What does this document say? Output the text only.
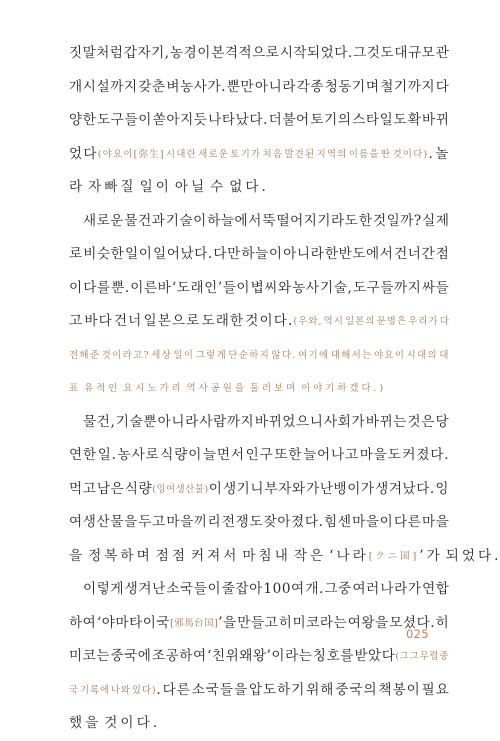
짓 말 처 럼 갑 자 기 , 농 경 이 본 격 적 으 로 시 작 되 었 다 . 그 것 도 대 규 모 관
개 시 설 까 지 갖 춘 벼 농 사 가 . 뿐 만 아 니 라 각 종 청 동 기 며 철 기 까 지 다
양 한 도 구 들 이 쏟 아 지 듯 나 타 났 다 . 더 불 어 토 기 의 스 타 일 도 확 바 뀌
었 다 ( 야 요 이 [ 弥 生 ] 시 대 란 새 로 운 토 기 가 처 음 발 견 된 지 역 의 이 름 을 딴 것 이 다 ) . 놀
라 자 빠 질 일 이 아 닐 수 없 다 .
새 로 운 물 건 과 기 술 이 하 늘 에 서 뚝 떨 어 지 기 라 도 한 것 일 까 ? 실 제
로 비 슷 한 일 이 일 어 났 다 . 다 만 하 늘 이 아 니 라 한 반 도 에 서 건 너 간 점
이 다 를 뿐 . 이 른 바 ‘ 도 래 인 ’ 들 이 볍 씨 와 농 사 기 술 , 도 구 들 까 지 싸 들
고 바 다 건 너 일 본 으 로 도 래 한 것 이 다 . ( 우 와 , 역 시 일 본 의 문 명 은 우 리 가 다
전 해 준 것 이 라 고 ? 세 상 일 이 그 렇 게 단 순 하 지 않 다 . 여 기 에 대 해 서 는 야 요 이 시 대 의 대
표 유 적 인 요 시 노 가 리 역 사 공 원 을 둘 러 보 며 이 야 기 하 겠 다 . )
물 건 , 기 술 뿐 아 니 라 사 람 까 지 바 뀌 었 으 니 사 회 가 바 뀌 는 것 은 당
연 한 일 . 농 사 로 식 량 이 늘 면 서 인 구 또 한 늘 어 나 고 마 을 도 커 졌 다 .
먹 고 남 은 식 량 ( 잉 여 생 산 물 ) 이 생 기 니 부 자 와 가 난 뱅 이 가 생 겨 났 다 . 잉
여 생 산 물 을 두 고 마 을 끼 리 전 쟁 도 잦 아 졌 다 . 힘 센 마 을 이 다 른 마 을
을 정 복 하 며 점 점 커 져 서 마 침 내 작 은 ‘ 나 라 [ ク ニ 国 ] ’ 가 되 었 다 .
이 렇 게 생 겨 난 소 국 들 이 줄 잡 아 1 0 0 여 개 . 그 중 여 러 나 라 가 연 합
하 여 ‘ 야 마 타 이 국 [ 邪 馬 台 国 ] ’ 을 만 들 고 히 미 코 라 는 여 왕 을 모 셨 다 . 히
미 코 는 중 국 에 조 공 하 여 ‘ 친 위 왜 왕 ’ 이 라 는 칭 호 를 받 았 다 ( 그 그 무 렵 중
국 기 록 에 나 와 있 다 ) . 다 른 소 국 들 을 압 도 하 기 위 해 중 국 의 책 봉 이 필 요
했 을 것 이 다 .
025
